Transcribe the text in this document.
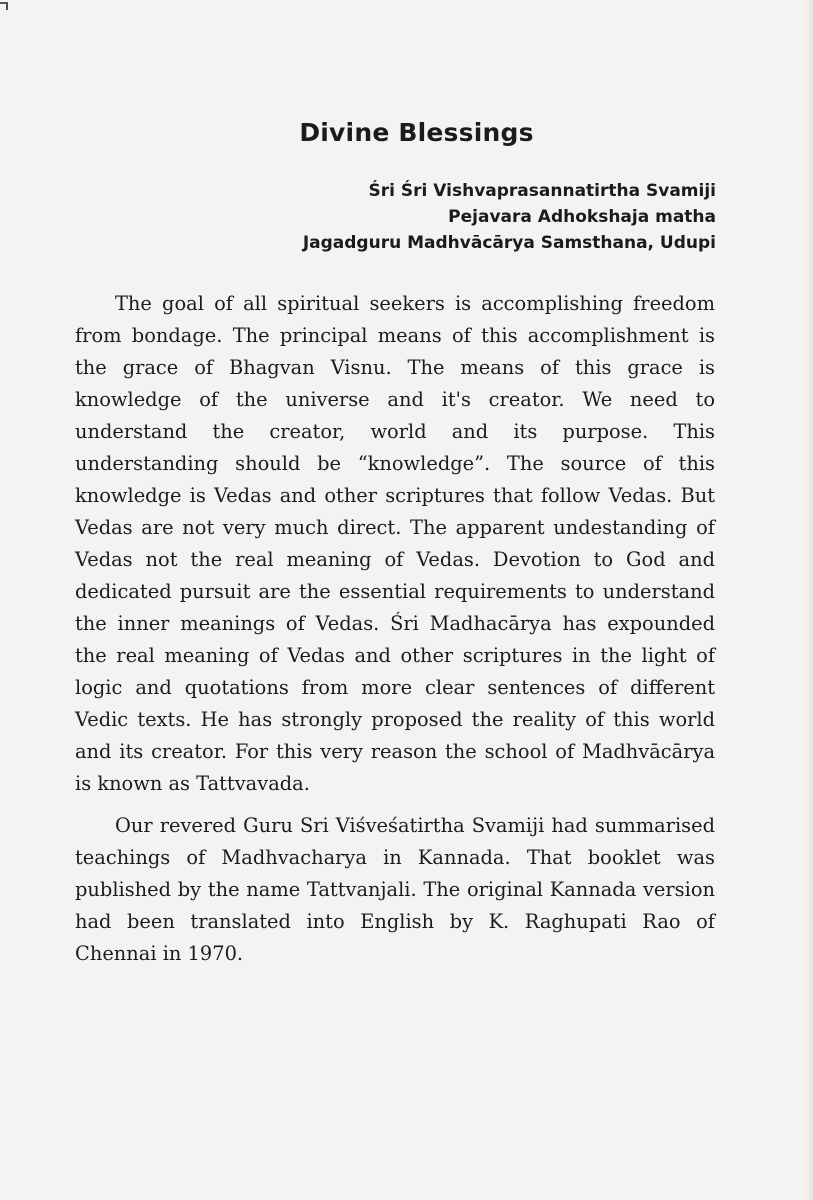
Divine Blessings
Śri Śri Vishvaprasannatirtha Svamiji
Pejavara Adhokshaja matha
Jagadguru Madhvācārya Samsthana, Udupi

The goal of all spiritual seekers is accomplishing freedom from bondage. The principal means of this accomplishment is the grace of Bhagvan Visnu. The means of this grace is knowledge of the universe and it's creator. We need to understand the creator, world and its purpose. This understanding should be “knowledge”. The source of this knowledge is Vedas and other scriptures that follow Vedas. But Vedas are not very much direct. The apparent undestanding of Vedas not the real meaning of Vedas. Devotion to God and dedicated pursuit are the essential requirements to understand the inner meanings of Vedas. Śri Madhacārya has expounded the real meaning of Vedas and other scriptures in the light of logic and quotations from more clear sentences of different Vedic texts. He has strongly proposed the reality of this world and its creator. For this very reason the school of Madhvācārya is known as Tattvavada.

Our revered Guru Sri Viśveśatirtha Svamiji had summarised teachings of Madhvacharya in Kannada. That booklet was published by the name Tattvanjali. The original Kannada version had been translated into English by K. Raghupati Rao of Chennai in 1970.
